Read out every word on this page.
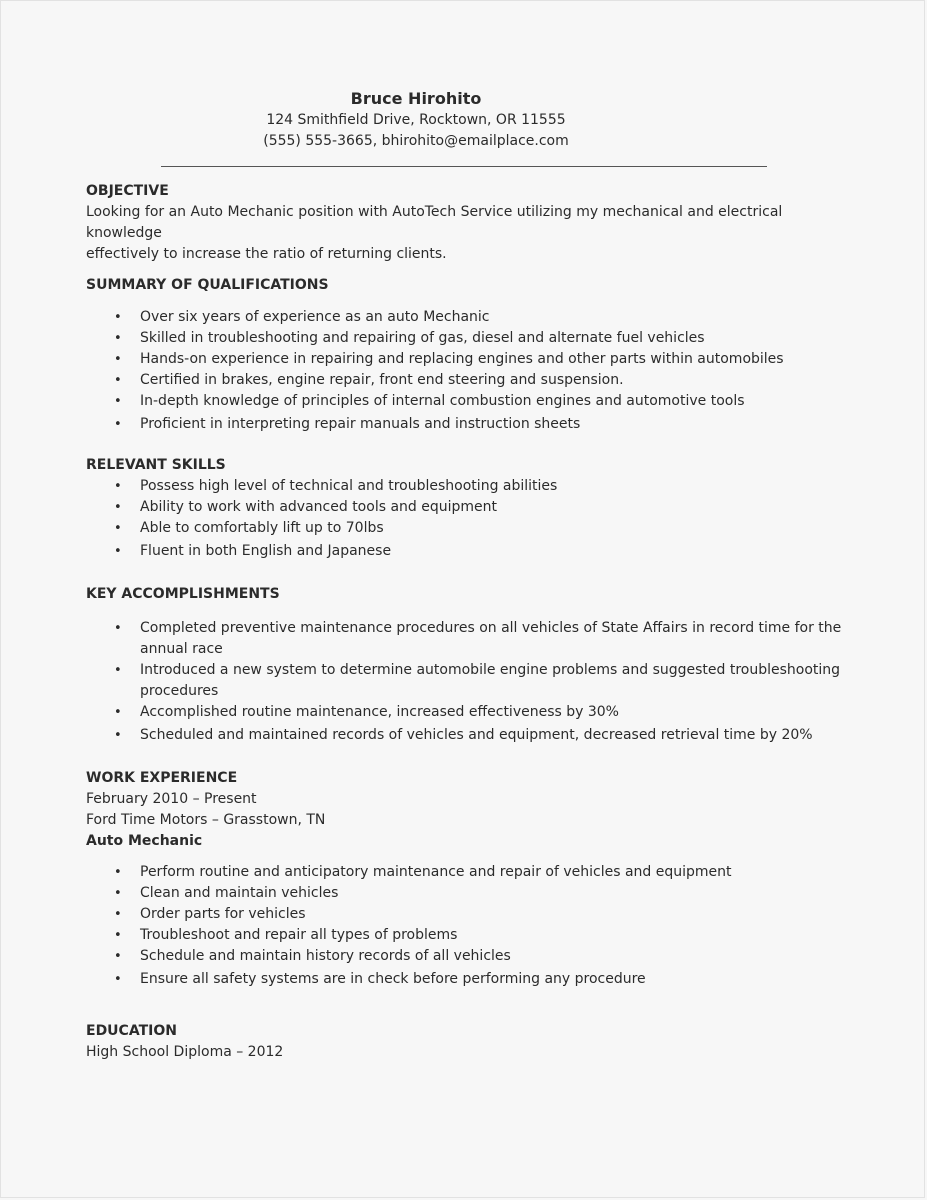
Bruce Hirohito
124 Smithfield Drive, Rocktown, OR 11555
(555) 555-3665, bhirohito@emailplace.com
OBJECTIVE
Looking for an Auto Mechanic position with AutoTech Service utilizing my mechanical and electrical knowledge
effectively to increase the ratio of returning clients.
SUMMARY OF QUALIFICATIONS
• Over six years of experience as an auto Mechanic
• Skilled in troubleshooting and repairing of gas, diesel and alternate fuel vehicles
• Hands-on experience in repairing and replacing engines and other parts within automobiles
• Certified in brakes, engine repair, front end steering and suspension.
• In-depth knowledge of principles of internal combustion engines and automotive tools
• Proficient in interpreting repair manuals and instruction sheets
RELEVANT SKILLS
• Possess high level of technical and troubleshooting abilities
• Ability to work with advanced tools and equipment
• Able to comfortably lift up to 70lbs
• Fluent in both English and Japanese
KEY ACCOMPLISHMENTS
• Completed preventive maintenance procedures on all vehicles of State Affairs in record time for the
annual race
• Introduced a new system to determine automobile engine problems and suggested troubleshooting
procedures
• Accomplished routine maintenance, increased effectiveness by 30%
• Scheduled and maintained records of vehicles and equipment, decreased retrieval time by 20%
WORK EXPERIENCE
February 2010 – Present
Ford Time Motors – Grasstown, TN
Auto Mechanic
• Perform routine and anticipatory maintenance and repair of vehicles and equipment
• Clean and maintain vehicles
• Order parts for vehicles
• Troubleshoot and repair all types of problems
• Schedule and maintain history records of all vehicles
• Ensure all safety systems are in check before performing any procedure
EDUCATION
High School Diploma – 2012
